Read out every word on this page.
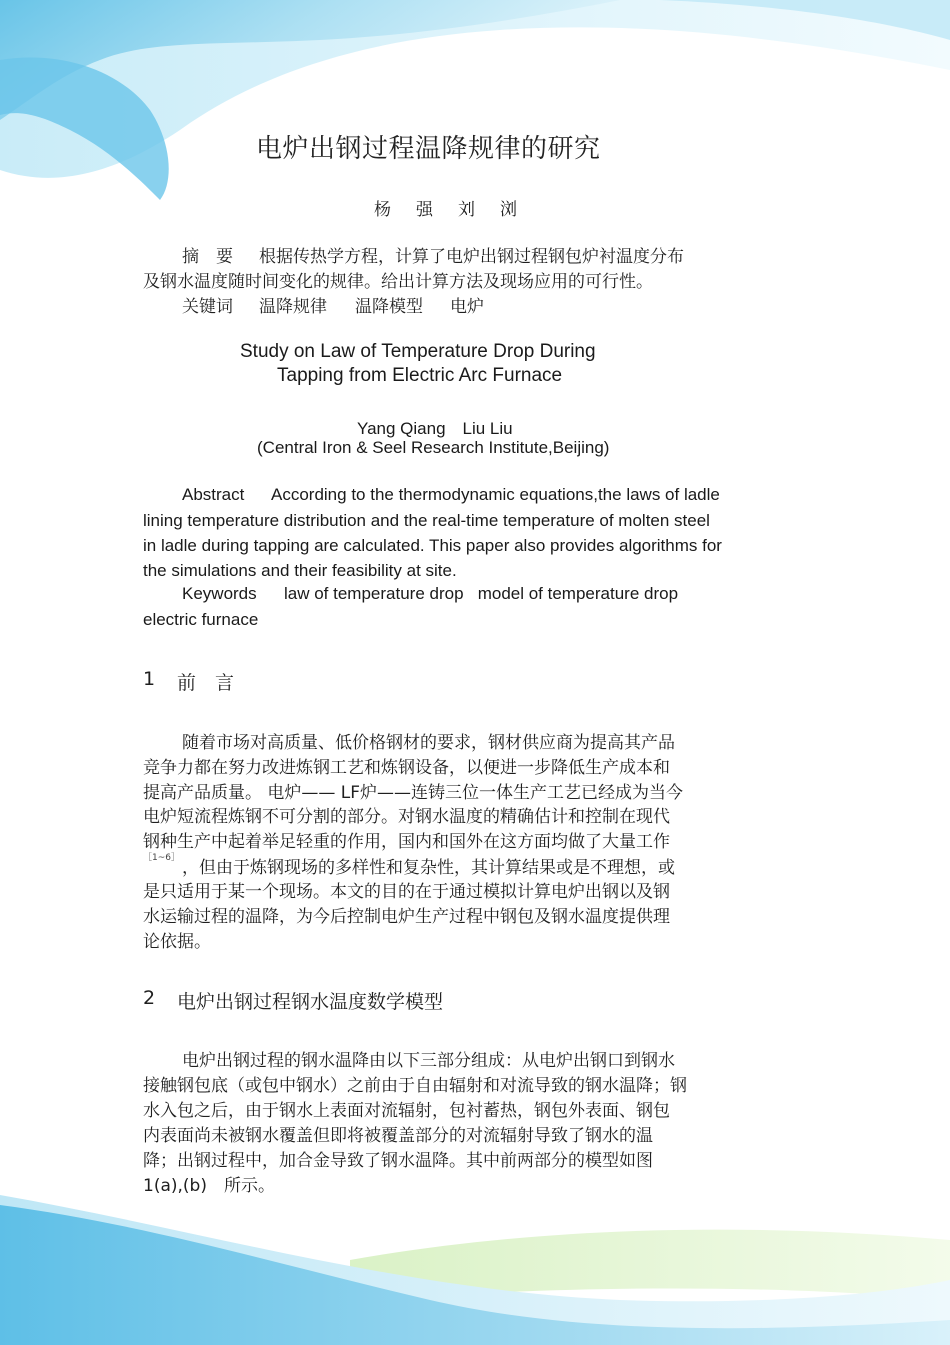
电炉出钢过程温降规律的研究
杨　强　刘　浏
摘　要 根据传热学方程，计算了电炉出钢过程钢包炉衬温度分布
及钢水温度随时间变化的规律。给出计算方法及现场应用的可行性。
关键词 温降规律 温降模型 电炉
Study on Law of Temperature Drop During
Tapping from Electric Arc Furnace
Yang Qiang　Liu Liu
(Central Iron & Seel Research Institute,Beijing)
Abstract According to the thermodynamic equations,the laws of ladle
lining temperature distribution and the real-time temperature of molten steel
in ladle during tapping are calculated. This paper also provides algorithms for
the simulations and their feasibility at site.
Keywords law of temperature drop   model of temperature drop
electric furnace
1 前　言
随着市场对高质量、低价格钢材的要求，钢材供应商为提高其产品
竞争力都在努力改进炼钢工艺和炼钢设备，以便进一步降低生产成本和
提高产品质量。 电炉—— LF炉——连铸三位一体生产工艺已经成为当今
电炉短流程炼钢不可分割的部分。对钢水温度的精确估计和控制在现代
钢种生产中起着举足轻重的作用，国内和国外在这方面均做了大量工作
［1~6］ ，但由于炼钢现场的多样性和复杂性，其计算结果或是不理想，或
是只适用于某一个现场。本文的目的在于通过模拟计算电炉出钢以及钢
水运输过程的温降，为今后控制电炉生产过程中钢包及钢水温度提供理
论依据。
2 电炉出钢过程钢水温度数学模型
电炉出钢过程的钢水温降由以下三部分组成：从电炉出钢口到钢水
接触钢包底（或包中钢水）之前由于自由辐射和对流导致的钢水温降；钢
水入包之后，由于钢水上表面对流辐射，包衬蓄热，钢包外表面、钢包
内表面尚未被钢水覆盖但即将被覆盖部分的对流辐射导致了钢水的温
降；出钢过程中，加合金导致了钢水温降。其中前两部分的模型如图
1(a),(b)　所示。
